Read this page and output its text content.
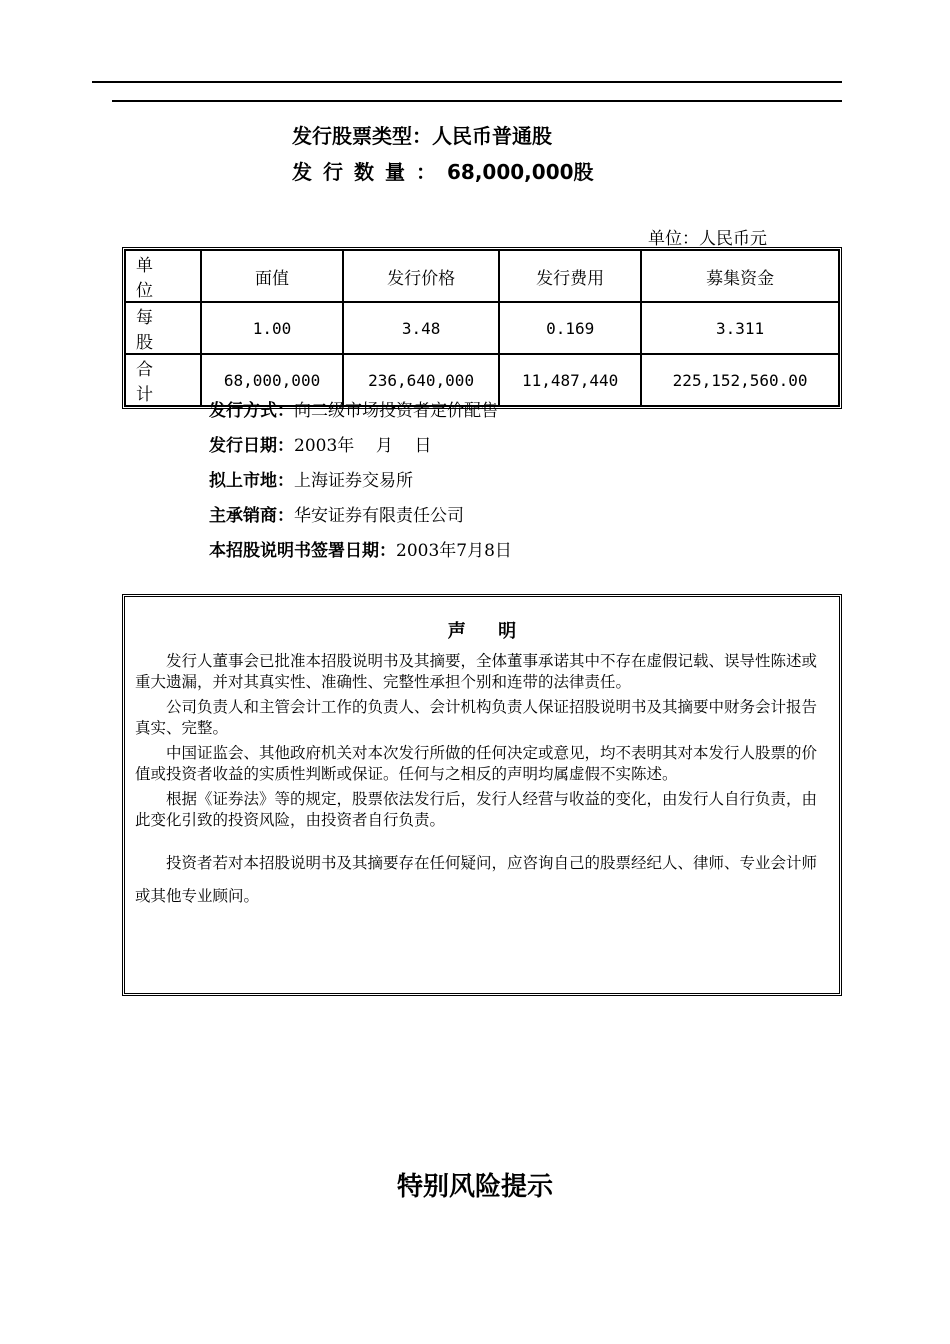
发行股票类型：人民币普通股
发行数量：68,000,000股
单位：人民币元
单位	面值	发行价格	发行费用	募集资金
每股	1.00	3.48	0.169	3.311
合计	68,000,000	236,640,000	11,487,440	225,152,560.00
发行方式：向二级市场投资者定价配售
发行日期：2003年    月    日
拟上市地：上海证券交易所
主承销商：华安证券有限责任公司
本招股说明书签署日期：2003年7月8日
声明

发行人董事会已批准本招股说明书及其摘要，全体董事承诺其中不存在虚假记载、误导性陈述或重大遗漏，并对其真实性、准确性、完整性承担个别和连带的法律责任。

公司负责人和主管会计工作的负责人、会计机构负责人保证招股说明书及其摘要中财务会计报告真实、完整。

中国证监会、其他政府机关对本次发行所做的任何决定或意见，均不表明其对本发行人股票的价值或投资者收益的实质性判断或保证。任何与之相反的声明均属虚假不实陈述。

根据《证券法》等的规定，股票依法发行后，发行人经营与收益的变化，由发行人自行负责，由此变化引致的投资风险，由投资者自行负责。

投资者若对本招股说明书及其摘要存在任何疑问，应咨询自己的股票经纪人、律师、专业会计师或其他专业顾问。

特别风险提示
